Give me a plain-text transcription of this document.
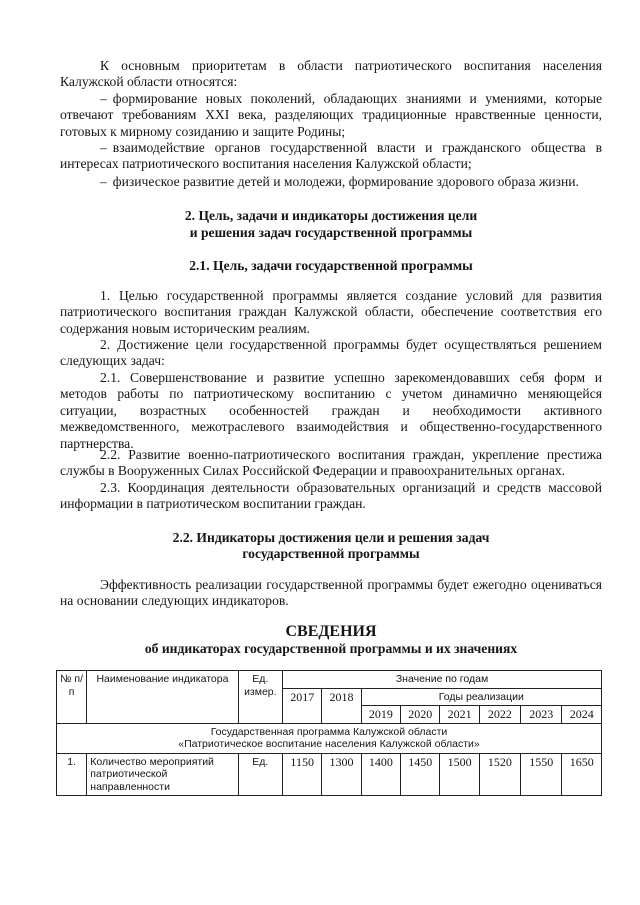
К основным приоритетам в области патриотического воспитания населения Калужской области относятся:

– формирование новых поколений, обладающих знаниями и умениями, которые отвечают требованиям XXI века, разделяющих традиционные нравственные ценности, готовых к мирному созиданию и защите Родины;

– взаимодействие органов государственной власти и гражданского общества в интересах патриотического воспитания населения Калужской области;

– физическое развитие детей и молодежи, формирование здорового образа жизни.

2. Цель, задачи и индикаторы достижения цели

и решения задач государственной программы

2.1. Цель, задачи государственной программы

1. Целью государственной программы является создание условий для развития патриотического воспитания граждан Калужской области, обеспечение соответствия его содержания новым историческим реалиям.

2. Достижение цели государственной программы будет осуществляться решением следующих задач:

2.1. Совершенствование и развитие успешно зарекомендовавших себя форм и методов работы по патриотическому воспитанию с учетом динамично меняющейся ситуации, возрастных особенностей граждан и необходимости активного межведомственного, межотраслевого взаимодействия и общественно-государственного партнерства.

2.2. Развитие военно-патриотического воспитания граждан, укрепление престижа службы в Вооруженных Силах Российской Федерации и правоохранительных органах.

2.3. Координация деятельности образовательных организаций и средств массовой информации в патриотическом воспитании граждан.

2.2. Индикаторы достижения цели и решения задач

государственной программы

Эффективность реализации государственной программы будет ежегодно оцениваться на основании следующих индикаторов.

СВЕДЕНИЯ

об индикаторах государственной программы и их значениях

№ п/п	Наименование индикатора	Ед. измер.	Значение по годам							
			2017	2018	Годы реализации					
					2019	2020	2021	2022	2023	2024
Государственная программа Калужской области
«Патриотическое воспитание населения Калужской области»										
1.	Количество мероприятий патриотической направленности	Ед.	1150	1300	1400	1450	1500	1520	1550	1650
